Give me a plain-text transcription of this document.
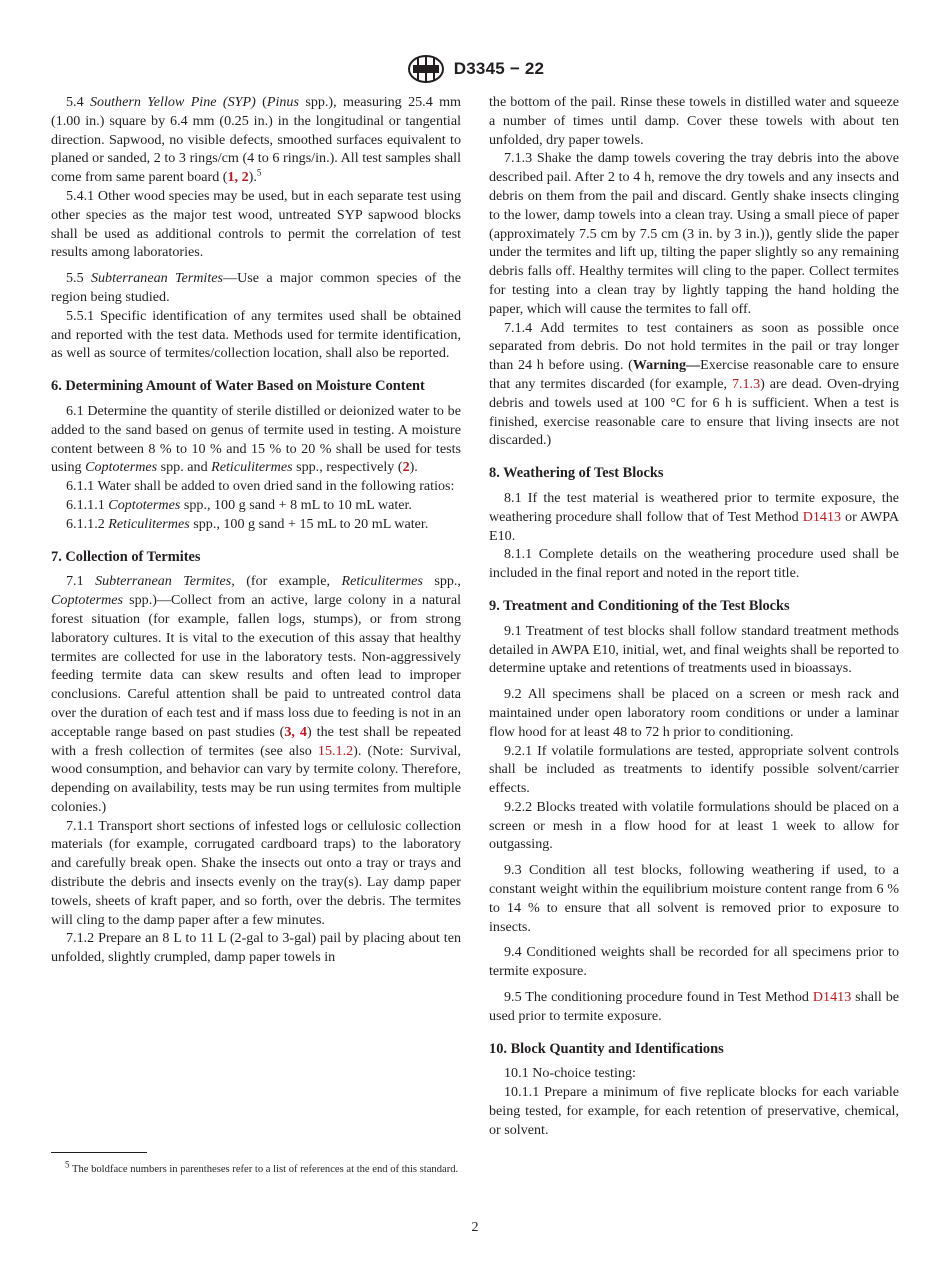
D3345 − 22

5.4 Southern Yellow Pine (SYP) (Pinus spp.), measuring 25.4 mm (1.00 in.) square by 6.4 mm (0.25 in.) in the longitudinal or tangential direction. Sapwood, no visible defects, smoothed surfaces equivalent to planed or sanded, 2 to 3 rings/cm (4 to 6 rings/in.). All test samples shall come from same parent board (1, 2).$^5$

5.4.1 Other wood species may be used, but in each separate test using other species as the major test wood, untreated SYP sapwood blocks shall be used as additional controls to permit the correlation of test results among laboratories.

5.5 Subterranean Termites—Use a major common species of the region being studied.

5.5.1 Specific identification of any termites used shall be obtained and reported with the test data. Methods used for termite identification, as well as source of termites/collection location, shall also be reported.

6. Determining Amount of Water Based on Moisture Content

6.1 Determine the quantity of sterile distilled or deionized water to be added to the sand based on genus of termite used in testing. A moisture content between 8 % to 10 % and 15 % to 20 % shall be used for tests using Coptotermes spp. and Reticulitermes spp., respectively (2).

6.1.1 Water shall be added to oven dried sand in the following ratios:

6.1.1.1 Coptotermes spp., 100 g sand + 8 mL to 10 mL water.

6.1.1.2 Reticulitermes spp., 100 g sand + 15 mL to 20 mL water.

7. Collection of Termites

7.1 Subterranean Termites, (for example, Reticulitermes spp., Coptotermes spp.)—Collect from an active, large colony in a natural forest situation (for example, fallen logs, stumps), or from strong laboratory cultures. It is vital to the execution of this assay that healthy termites are collected for use in the laboratory tests. Non-aggressively feeding termite data can skew results and often lead to improper conclusions. Careful attention shall be paid to untreated control data over the duration of each test and if mass loss due to feeding is not in an acceptable range based on past studies (3, 4) the test shall be repeated with a fresh collection of termites (see also 15.1.2). (Note: Survival, wood consumption, and behavior can vary by termite colony. Therefore, depending on availability, tests may be run using termites from multiple colonies.)

7.1.1 Transport short sections of infested logs or cellulosic collection materials (for example, corrugated cardboard traps) to the laboratory and carefully break open. Shake the insects out onto a tray or trays and distribute the debris and insects evenly on the tray(s). Lay damp paper towels, sheets of kraft paper, and so forth, over the debris. The termites will cling to the damp paper after a few minutes.

7.1.2 Prepare an 8 L to 11 L (2-gal to 3-gal) pail by placing about ten unfolded, slightly crumpled, damp paper towels in

the bottom of the pail. Rinse these towels in distilled water and squeeze a number of times until damp. Cover these towels with about ten unfolded, dry paper towels.

7.1.3 Shake the damp towels covering the tray debris into the above described pail. After 2 to 4 h, remove the dry towels and any insects and debris on them from the pail and discard. Gently shake insects clinging to the lower, damp towels into a clean tray. Using a small piece of paper (approximately 7.5 cm by 7.5 cm (3 in. by 3 in.)), gently slide the paper under the termites and lift up, tilting the paper slightly so any remaining debris falls off. Healthy termites will cling to the paper. Collect termites for testing into a clean tray by lightly tapping the hand holding the paper, which will cause the termites to fall off.

7.1.4 Add termites to test containers as soon as possible once separated from debris. Do not hold termites in the pail or tray longer than 24 h before using. (Warning—Exercise reasonable care to ensure that any termites discarded (for example, 7.1.3) are dead. Oven-drying debris and towels used at 100 °C for 6 h is sufficient. When a test is finished, exercise reasonable care to ensure that living insects are not discarded.)

8. Weathering of Test Blocks

8.1 If the test material is weathered prior to termite exposure, the weathering procedure shall follow that of Test Method D1413 or AWPA E10.

8.1.1 Complete details on the weathering procedure used shall be included in the final report and noted in the report title.

9. Treatment and Conditioning of the Test Blocks

9.1 Treatment of test blocks shall follow standard treatment methods detailed in AWPA E10, initial, wet, and final weights shall be reported to determine uptake and retentions of treatments used in bioassays.

9.2 All specimens shall be placed on a screen or mesh rack and maintained under open laboratory room conditions or under a laminar flow hood for at least 48 to 72 h prior to conditioning.

9.2.1 If volatile formulations are tested, appropriate solvent controls shall be included as treatments to identify possible solvent/carrier effects.

9.2.2 Blocks treated with volatile formulations should be placed on a screen or mesh in a flow hood for at least 1 week to allow for outgassing.

9.3 Condition all test blocks, following weathering if used, to a constant weight within the equilibrium moisture content range from 6 % to 14 % to ensure that all solvent is removed prior to exposure to insects.

9.4 Conditioned weights shall be recorded for all specimens prior to termite exposure.

9.5 The conditioning procedure found in Test Method D1413 shall be used prior to termite exposure.

10. Block Quantity and Identifications

10.1 No-choice testing:

10.1.1 Prepare a minimum of five replicate blocks for each variable being tested, for example, for each retention of preservative, chemical, or solvent.

$^5$ The boldface numbers in parentheses refer to a list of references at the end of this standard.

2
